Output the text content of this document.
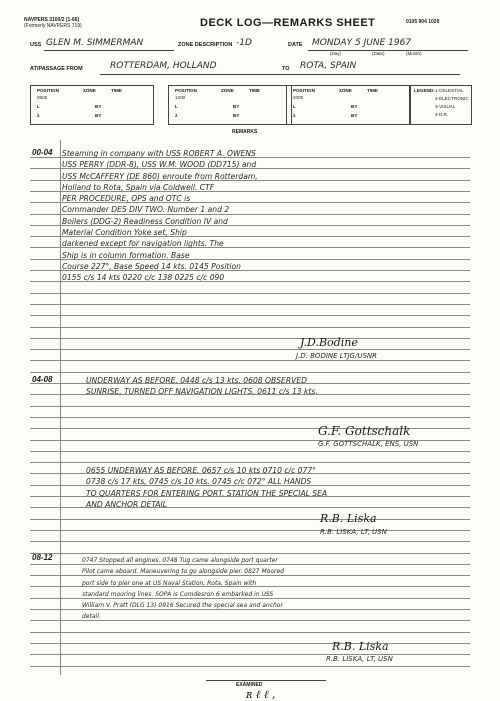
NAVPERS 3100/2 (1-66)
(Formerly NAVPERS 719)	DECK LOG—REMARKS SHEET	0105 904 1020
USS GLEN M. SIMMERMAN	ZONE DESCRIPTION -1D	DATE MONDAY 5 JUNE 1967
(Day)	(Date)	(Month)
AT/PASSAGE FROM	ROTTERDAM, HOLLAND	TO ROTA, SPAIN
POSITION	ZONE	TIME
0800
L	BY
λ	BY
POSITION	ZONE	TIME
1200
L	BY
λ	BY
POSITION	ZONE	TIME
2000
L	BY
λ	BY
LEGEND: 1-CELESTIAL
2-ELECTRONIC
3-VISUAL
4-D.R.
REMARKS
00-04
04-08
08-12
Steaming in company with USS ROBERT A. OWENS
USS PERRY (DDR-8), USS W.M. WOOD (DD715) and
USS McCAFFERY (DE 860) enroute from Rotterdam,
Holland to Rota, Spain via Coldwell. CTF
PER PROCEDURE, OPS and OTC is
Commander DES DIV TWO. Number 1 and 2
Boilers (DDG-2) Readiness Condition IV and
Material Condition Yoke set, Ship
darkened except for navigation lights. The
Ship is in column formation. Base
Course 227°, Base Speed 14 kts. 0145 Position
0155 c/s 14 kts 0220 c/c 138 0225 c/c 090
J.D.Bodine
J.D. BODINE LTJG/USNR
UNDERWAY AS BEFORE. 0448 c/s 13 kts. 0608 OBSERVED
SUNRISE, TURNED OFF NAVIGATION LIGHTS. 0611 c/s 13 kts.
G.F. Gottschalk
G.F. GOTTSCHALK, ENS, USN
0655 UNDERWAY AS BEFORE. 0657 c/s 10 kts 0710 c/c 077°
0738 c/s 17 kts, 0745 c/s 10 kts. 0745 c/c 072° ALL HANDS
TO QUARTERS FOR ENTERING PORT. STATION THE SPECIAL SEA
AND ANCHOR DETAIL
R.B. Liska
R.B. LISKA, LT, USN
0747 Stopped all engines. 0748 Tug came alongside port quarter
Pilot came aboard. Maneuvering to go alongside pier. 0827 Moored
port side to pier one at US Naval Station, Rota, Spain with
standard mooring lines. SOPA is Comdesron 6 embarked in USS
William V. Pratt (DLG 13) 0916 Secured the special sea and anchor
detail.
R.B. Liska
R.B. LISKA, LT, USN
EXAMINED
ʀ ℓ ℓ ,
